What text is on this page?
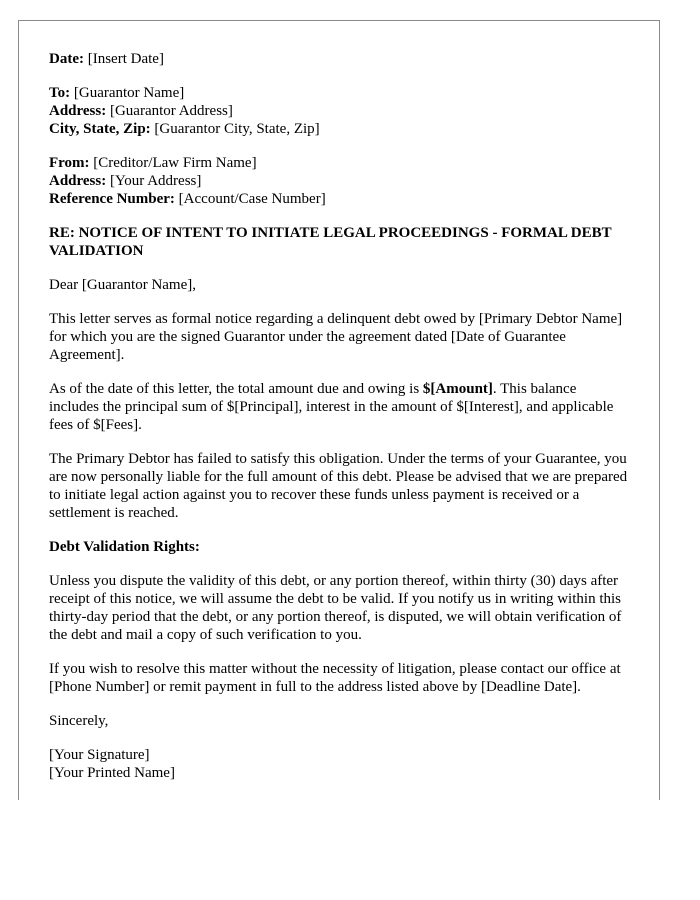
Date: [Insert Date]
To: [Guarantor Name]
Address: [Guarantor Address]
City, State, Zip: [Guarantor City, State, Zip]
From: [Creditor/Law Firm Name]
Address: [Your Address]
Reference Number: [Account/Case Number]

RE: NOTICE OF INTENT TO INITIATE LEGAL PROCEEDINGS - FORMAL DEBT VALIDATION

Dear [Guarantor Name],

This letter serves as formal notice regarding a delinquent debt owed by [Primary Debtor Name] for which you are the signed Guarantor under the agreement dated [Date of Guarantee Agreement].

As of the date of this letter, the total amount due and owing is $[Amount]. This balance includes the principal sum of $[Principal], interest in the amount of $[Interest], and applicable fees of $[Fees].

The Primary Debtor has failed to satisfy this obligation. Under the terms of your Guarantee, you are now personally liable for the full amount of this debt. Please be advised that we are prepared to initiate legal action against you to recover these funds unless payment is received or a settlement is reached.

Debt Validation Rights:

Unless you dispute the validity of this debt, or any portion thereof, within thirty (30) days after receipt of this notice, we will assume the debt to be valid. If you notify us in writing within this thirty-day period that the debt, or any portion thereof, is disputed, we will obtain verification of the debt and mail a copy of such verification to you.

If you wish to resolve this matter without the necessity of litigation, please contact our office at [Phone Number] or remit payment in full to the address listed above by [Deadline Date].

Sincerely,

[Your Signature]

[Your Printed Name]
